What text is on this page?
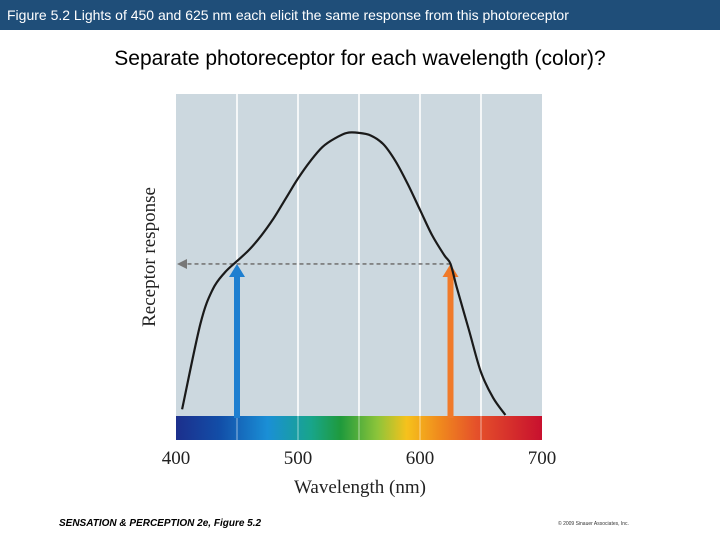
Figure 5.2 Lights of 450 and 625 nm each elicit the same response from this photoreceptor
Separate photoreceptor for each wavelength (color)?
400	500	600	700
Wavelength (nm)
Receptor response
SENSATION & PERCEPTION 2e, Figure 5.2	© 2009 Sinauer Associates, Inc.
